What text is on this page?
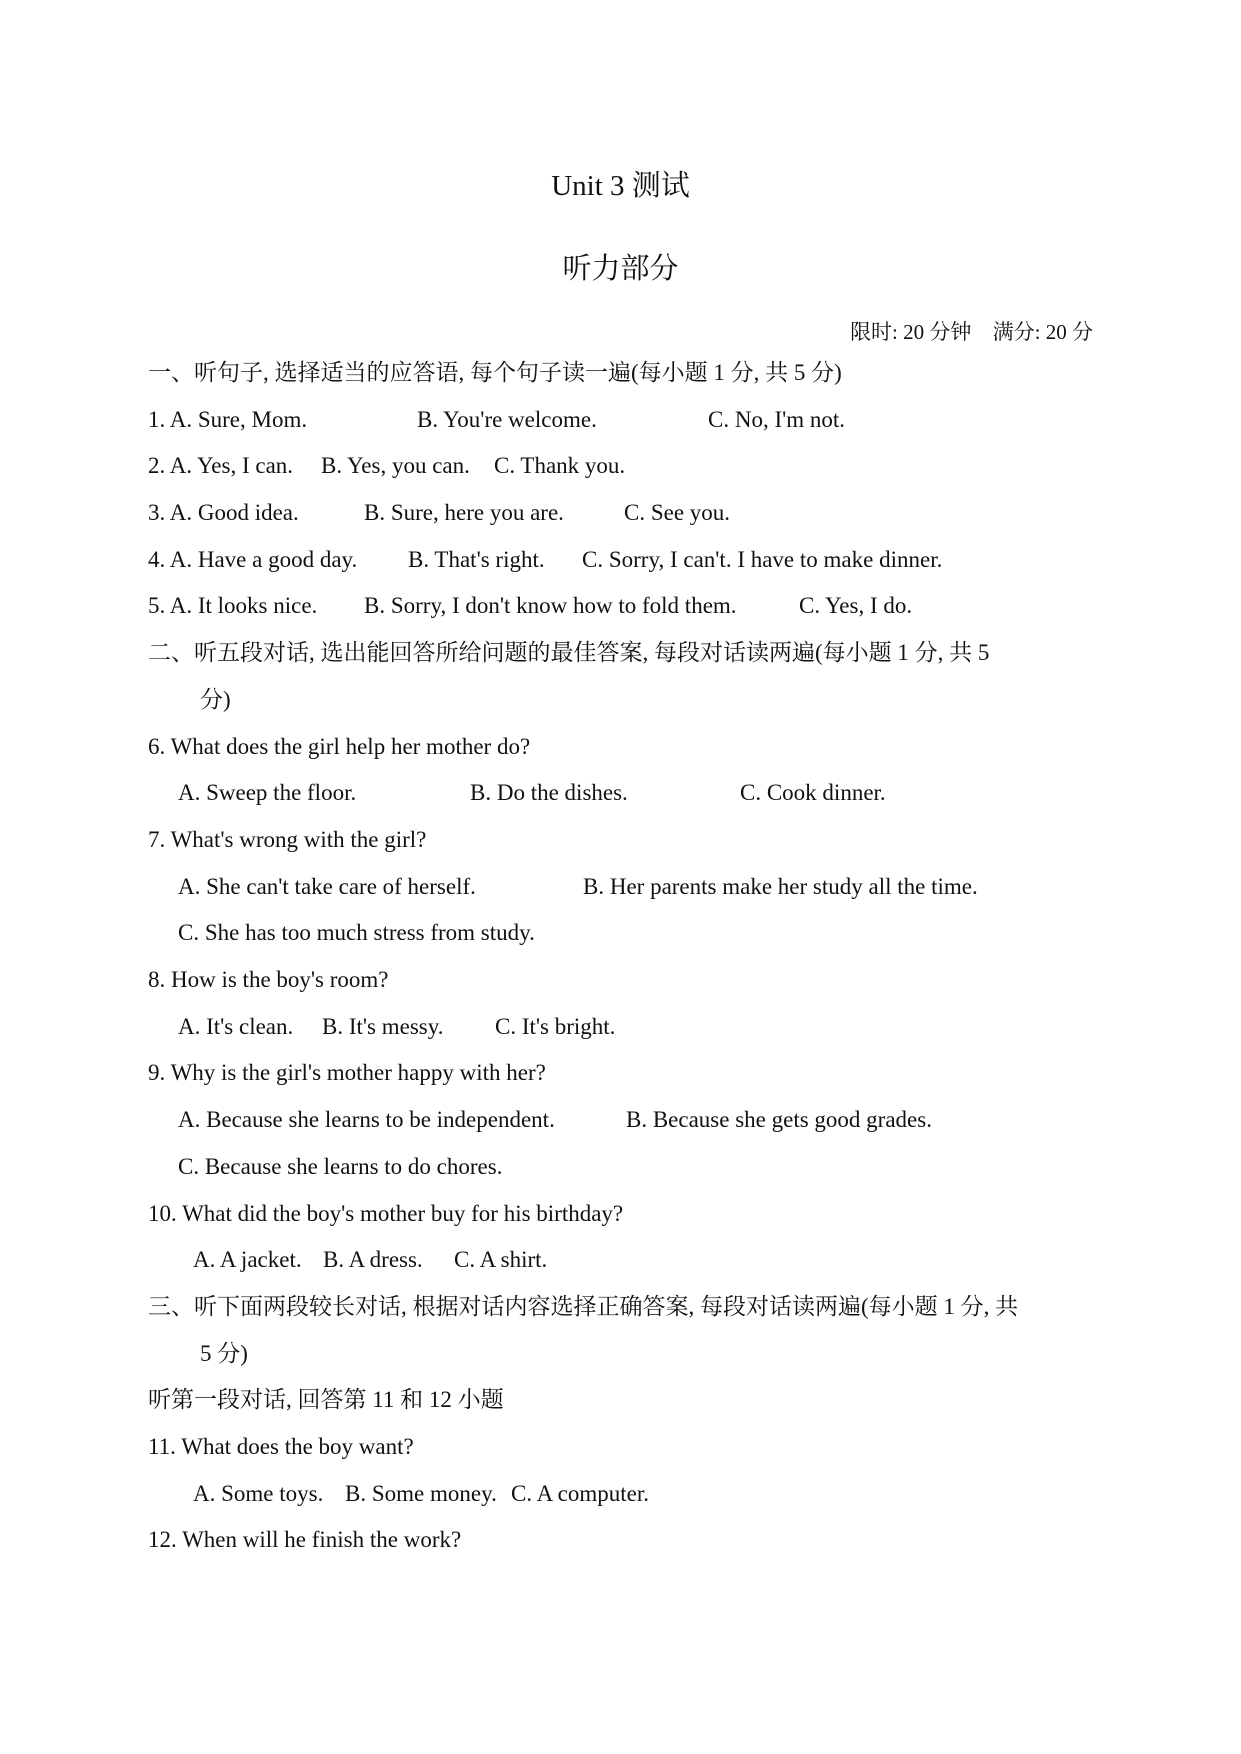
Unit 3 测试
听力部分
限时: 20 分钟 满分: 20 分
一、听句子, 选择适当的应答语, 每个句子读一遍(每小题 1 分, 共 5 分)
1. A. Sure, Mom.	B. You're welcome.	C. No, I'm not.
2. A. Yes, I can. B. Yes, you can. C. Thank you.
3. A. Good idea.	B. Sure, here you are.	C. See you.
4. A. Have a good day. B. That's right. C. Sorry, I can't. I have to make dinner.
5. A. It looks nice. B. Sorry, I don't know how to fold them.	C. Yes, I do.
二、听五段对话, 选出能回答所给问题的最佳答案, 每段对话读两遍(每小题 1 分, 共 5
分)
6. What does the girl help her mother do?
A. Sweep the floor.	B. Do the dishes.	C. Cook dinner.
7. What's wrong with the girl?
A. She can't take care of herself.	B. Her parents make her study all the time.
C. She has too much stress from study.
8. How is the boy's room?
A. It's clean. B. It's messy. C. It's bright.
9. Why is the girl's mother happy with her?
A. Because she learns to be independent.	B. Because she gets good grades.
C. Because she learns to do chores.
10. What did the boy's mother buy for his birthday?
A. A jacket. B. A dress. C. A shirt.
三、听下面两段较长对话, 根据对话内容选择正确答案, 每段对话读两遍(每小题 1 分, 共
5 分)
听第一段对话, 回答第 11 和 12 小题
11. What does the boy want?
A. Some toys. B. Some money. C. A computer.
12. When will he finish the work?
